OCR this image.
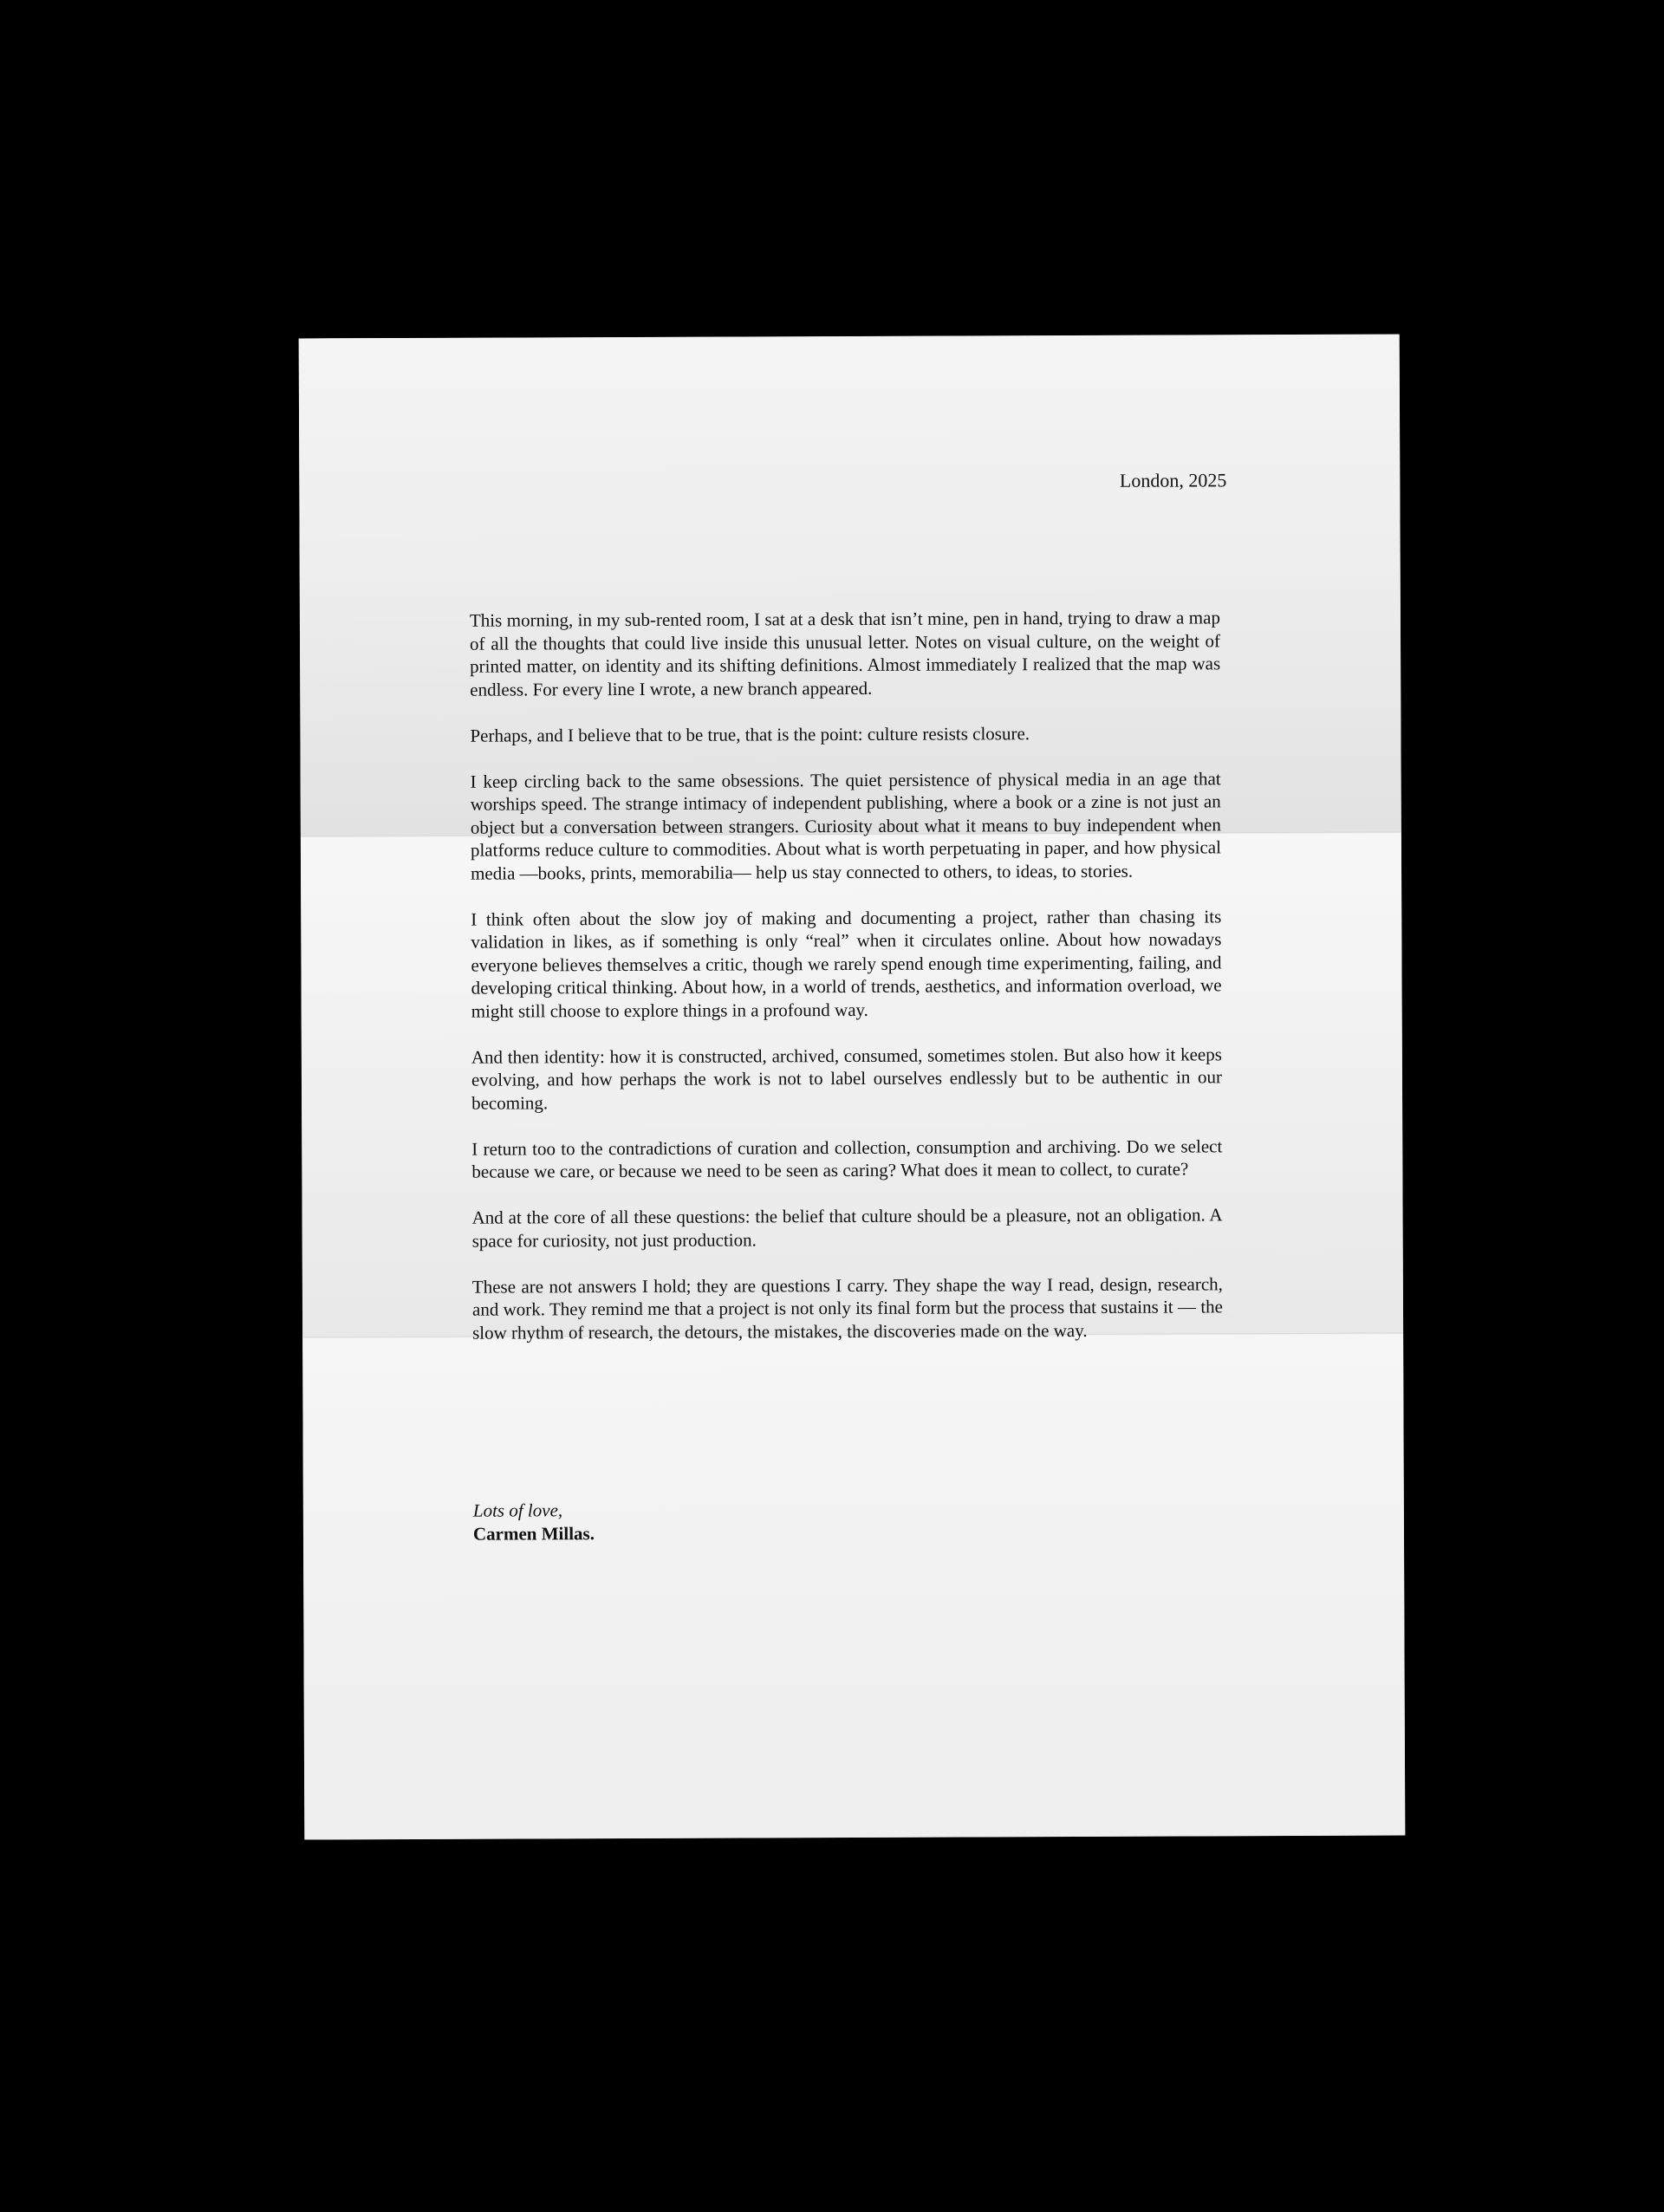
London, 2025

This morning, in my sub-rented room, I sat at a desk that isn’t mine, pen in hand, trying to draw a map of all the thoughts that could live inside this unusual letter. Notes on visual culture, on the weight of printed matter, on identity and its shifting definitions. Almost immediately I realized that the map was endless. For every line I wrote, a new branch appeared.

Perhaps, and I believe that to be true, that is the point: culture resists closure.

I keep circling back to the same obsessions. The quiet persistence of physical media in an age that worships speed. The strange intimacy of independent publishing, where a book or a zine is not just an object but a conversation between strangers. Curiosity about what it means to buy independent when platforms reduce culture to commodities. About what is worth perpetuating in paper, and how physical media —books, prints, memorabilia— help us stay connected to others, to ideas, to stories.

I think often about the slow joy of making and documenting a project, rather than chasing its validation in likes, as if something is only “real” when it circulates online. About how nowadays everyone believes themselves a critic, though we rarely spend enough time experimenting, failing, and developing critical thinking. About how, in a world of trends, aesthetics, and information overload, we might still choose to explore things in a profound way.

And then identity: how it is constructed, archived, consumed, sometimes stolen. But also how it keeps evolving, and how perhaps the work is not to label ourselves endlessly but to be authentic in our becoming.

I return too to the contradictions of curation and collection, consumption and archiving. Do we select because we care, or because we need to be seen as caring? What does it mean to collect, to curate?

And at the core of all these questions: the belief that culture should be a pleasure, not an obligation. A space for curiosity, not just production.

These are not answers I hold; they are questions I carry. They shape the way I read, design, research, and work. They remind me that a project is not only its final form but the process that sustains it — the slow rhythm of research, the detours, the mistakes, the discoveries made on the way.

Lots of love,
Carmen Millas.
